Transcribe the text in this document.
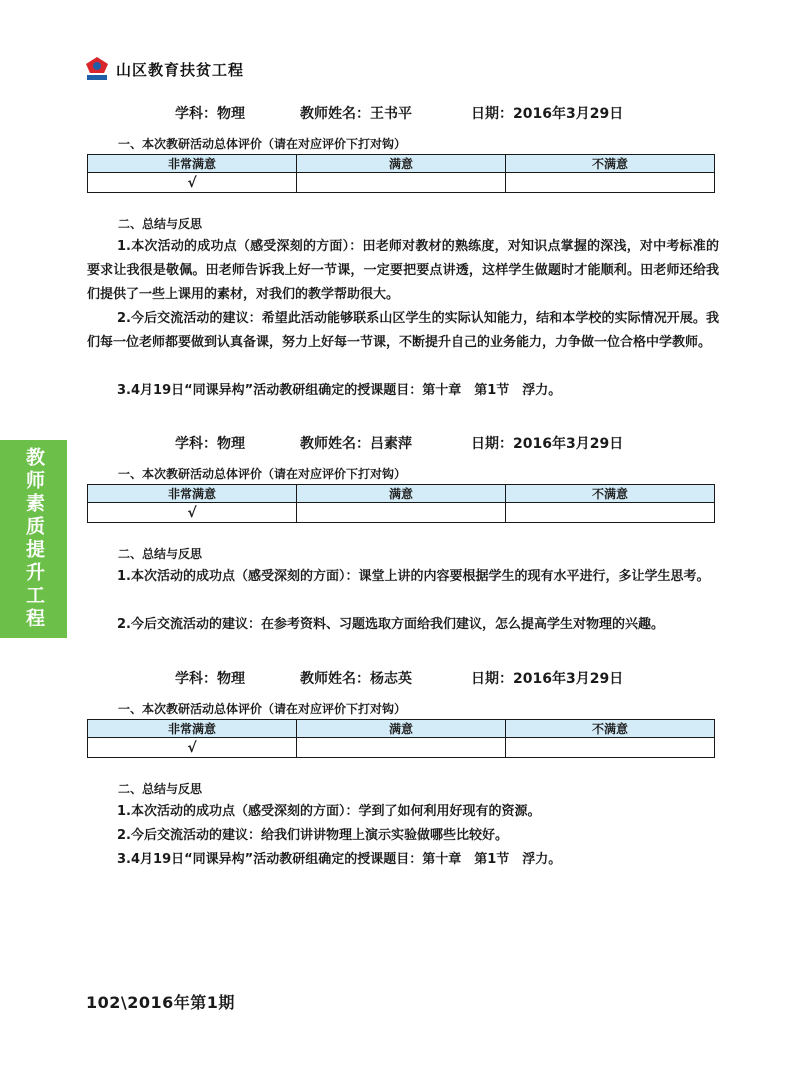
山区教育扶贫工程
教师素质提升工程
学科：物理	教师姓名：王书平	日期：2016年3月29日
一、本次教研活动总体评价（请在对应评价下打对钩）
非常满意	满意	不满意
√		
二、总结与反思
1.本次活动的成功点（感受深刻的方面）：田老师对教材的熟练度，对知识点掌握的深浅，对中考标准的要求让我很是敬佩。田老师告诉我上好一节课，一定要把要点讲透，这样学生做题时才能顺利。田老师还给我们提供了一些上课用的素材，对我们的教学帮助很大。
2.今后交流活动的建议：希望此活动能够联系山区学生的实际认知能力，结和本学校的实际情况开展。我们每一位老师都要做到认真备课，努力上好每一节课，不断提升自己的业务能力，力争做一位合格中学教师。
3.4月19日“同课异构”活动教研组确定的授课题目：第十章　第1节　浮力。
学科：物理	教师姓名：吕素萍	日期：2016年3月29日
一、本次教研活动总体评价（请在对应评价下打对钩）
非常满意	满意	不满意
√		
二、总结与反思
1.本次活动的成功点（感受深刻的方面）：课堂上讲的内容要根据学生的现有水平进行，多让学生思考。
2.今后交流活动的建议：在参考资料、习题选取方面给我们建议，怎么提高学生对物理的兴趣。
学科：物理	教师姓名：杨志英	日期：2016年3月29日
一、本次教研活动总体评价（请在对应评价下打对钩）
非常满意	满意	不满意
√		
二、总结与反思
1.本次活动的成功点（感受深刻的方面）：学到了如何利用好现有的资源。
2.今后交流活动的建议：给我们讲讲物理上演示实验做哪些比较好。
3.4月19日“同课异构”活动教研组确定的授课题目：第十章　第1节　浮力。
102\2016年第1期
